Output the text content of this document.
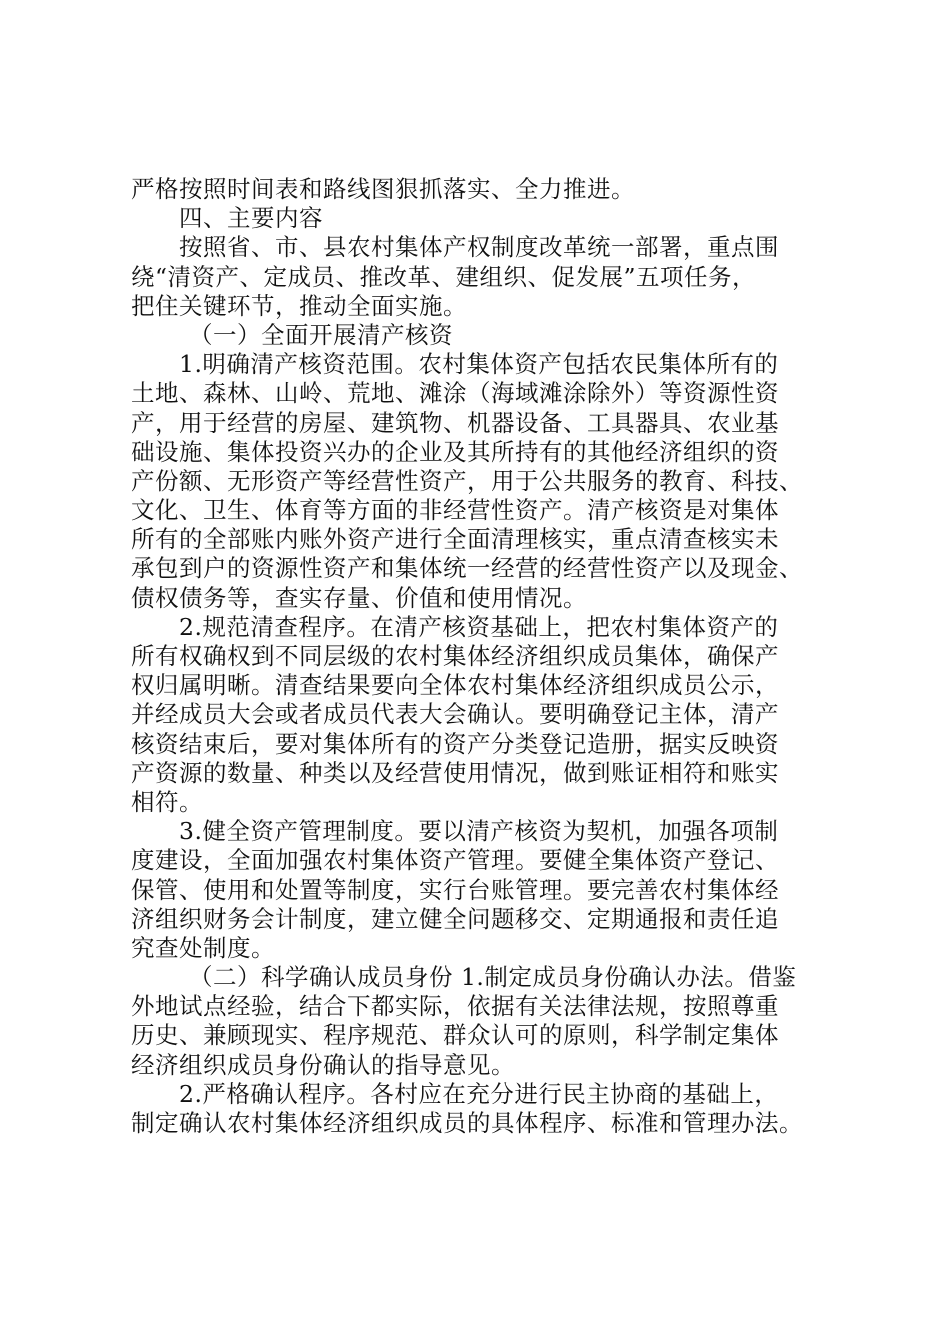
严格按照时间表和路线图狠抓落实、全力推进。
四、主要内容
按照省、市、县农村集体产权制度改革统一部署，重点围
绕“清资产、定成员、推改革、建组织、促发展”五项任务，
把住关键环节，推动全面实施。
（一）全面开展清产核资
1.明确清产核资范围。农村集体资产包括农民集体所有的
土地、森林、山岭、荒地、滩涂（海域滩涂除外）等资源性资
产，用于经营的房屋、建筑物、机器设备、工具器具、农业基
础设施、集体投资兴办的企业及其所持有的其他经济组织的资
产份额、无形资产等经营性资产，用于公共服务的教育、科技、
文化、卫生、体育等方面的非经营性资产。清产核资是对集体
所有的全部账内账外资产进行全面清理核实，重点清查核实未
承包到户的资源性资产和集体统一经营的经营性资产以及现金、
债权债务等，查实存量、价值和使用情况。
2.规范清查程序。在清产核资基础上，把农村集体资产的
所有权确权到不同层级的农村集体经济组织成员集体，确保产
权归属明晰。清查结果要向全体农村集体经济组织成员公示，
并经成员大会或者成员代表大会确认。要明确登记主体，清产
核资结束后，要对集体所有的资产分类登记造册，据实反映资
产资源的数量、种类以及经营使用情况，做到账证相符和账实
相符。
3.健全资产管理制度。要以清产核资为契机，加强各项制
度建设，全面加强农村集体资产管理。要健全集体资产登记、
保管、使用和处置等制度，实行台账管理。要完善农村集体经
济组织财务会计制度，建立健全问题移交、定期通报和责任追
究查处制度。
（二）科学确认成员身份 1.制定成员身份确认办法。借鉴
外地试点经验，结合下都实际，依据有关法律法规，按照尊重
历史、兼顾现实、程序规范、群众认可的原则，科学制定集体
经济组织成员身份确认的指导意见。
2.严格确认程序。各村应在充分进行民主协商的基础上，
制定确认农村集体经济组织成员的具体程序、标准和管理办法。
